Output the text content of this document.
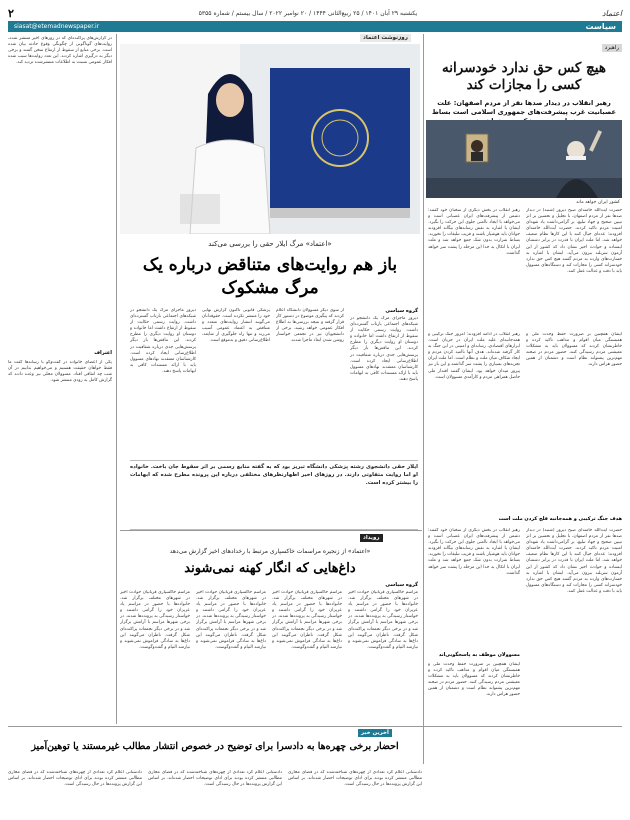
۲	یکشنبه ۲۹ آبان ۱۴۰۱ / ۲۵ ربیع‌الثانی ۱۴۴۴ / ۲۰ نوامبر ۲۰۲۲ / سال بیستم / شماره ۵۳۵۵	اعتماد
سیاست
siasat@etemadnewspaper.ir
راهبرد
هیچ کس حق ندارد خودسرانه کسی را مجازات کند
رهبر انقلاب در دیدار صدها نفر از مردم اصفهان: علت عصبانیت غرب پیشرفت‌های جمهوری اسلامی است بساط
کشور ایران خواهد ماند
حضرت آیت‌الله خامنه‌ای صبح دیروز (شنبه) در دیدار صدها نفر از مردم اصفهان، با تجلیل و تحسین بر اثر تبیین صحیح و جهاد تبلیغ، بر گرامی‌داشت یاد شهدای امنیت مردم تاکید کردند. حضرت آیت‌الله خامنه‌ای افزودند: عده‌ای خیال کنند با این کارها نظام ضعیف خواهد شد، اما ملت ایران با قدرت در برابر دشمنان ایستاده و حوادث اخیر نشان داد که کشور از این آزمون سربلند بیرون می‌آید. ایشان با اشاره به خسارت‌های وارده به مردم گفتند هیچ کس حق ندارد خودسرانه کسی را مجازات کند و دستگاه‌های مسوول باید با دقت و عدالت عمل کنند.
رهبر انقلاب در بخش دیگری از سخنان خود گفتند: دشمن از پیشرفت‌های ایران عصبانی است و می‌خواهد با ایجاد ناامنی جلوی این حرکت را بگیرد. ایشان با اشاره به نقش رسانه‌های بیگانه افزودند جوانان باید هوشیار باشند و فریب تبلیغات را نخورند. بساط شرارت بدون شک جمع خواهد شد و ملت ایران با اتکال به خدا این مرحله را پشت سر خواهد گذاشت.
ایشان همچنین بر ضرورت حفظ وحدت ملی و همبستگی میان اقوام و مذاهب تاکید کرده و خاطرنشان کردند که مسوولان باید به مشکلات معیشتی مردم رسیدگی کنند. حضور مردم در صحنه مهم‌ترین پشتوانه نظام است و دشمنان از همین حضور هراس دارند.
رهبر انقلاب در ادامه افزودند: امروز جنگ ترکیبی و همه‌جانبه‌ای علیه ملت ایران در جریان است. ابزارهای اقتصادی، رسانه‌ای و امنیتی در این جنگ به کار گرفته شده‌اند. هدف آنها ناامید کردن مردم و ایجاد شکاف میان ملت و نظام است. اما ملت ایران تجربه‌های بسیاری را پشت سر گذاشته و این بار نیز پیروز میدان خواهد بود. ایشان گفتند اقتدار ملی حاصل همراهی مردم و کارآمدی مسوولان است.
هدف جنگ ترکیبی و همه‌جانبه فلج کردن ملت است
حضرت آیت‌الله خامنه‌ای صبح دیروز (شنبه) در دیدار صدها نفر از مردم اصفهان، با تجلیل و تحسین بر اثر تبیین صحیح و جهاد تبلیغ، بر گرامی‌داشت یاد شهدای امنیت مردم تاکید کردند. حضرت آیت‌الله خامنه‌ای افزودند: عده‌ای خیال کنند با این کارها نظام ضعیف خواهد شد، اما ملت ایران با قدرت در برابر دشمنان ایستاده و حوادث اخیر نشان داد که کشور از این آزمون سربلند بیرون می‌آید. ایشان با اشاره به خسارت‌های وارده به مردم گفتند هیچ کس حق ندارد خودسرانه کسی را مجازات کند و دستگاه‌های مسوول باید با دقت و عدالت عمل کنند.
رهبر انقلاب در بخش دیگری از سخنان خود گفتند: دشمن از پیشرفت‌های ایران عصبانی است و می‌خواهد با ایجاد ناامنی جلوی این حرکت را بگیرد. ایشان با اشاره به نقش رسانه‌های بیگانه افزودند جوانان باید هوشیار باشند و فریب تبلیغات را نخورند. بساط شرارت بدون شک جمع خواهد شد و ملت ایران با اتکال به خدا این مرحله را پشت سر خواهد گذاشت.
مسوولان موظف به پاسخگویی‌اند
ایشان همچنین بر ضرورت حفظ وحدت ملی و همبستگی میان اقوام و مذاهب تاکید کرده و خاطرنشان کردند که مسوولان باید به مشکلات معیشتی مردم رسیدگی کنند. حضور مردم در صحنه مهم‌ترین پشتوانه نظام است و دشمنان از همین حضور هراس دارند.
روزنوشت اعتماد
«اعتماد» مرگ ایلار حقی را بررسی می‌کند
باز هم روایت‌های متناقض درباره یک مرگ مشکوک
گروه سیاسی
دیروز ماجرای مرگ یک دانشجو در شبکه‌های اجتماعی بازتاب گسترده‌ای داشت. روایت رسمی حکایت از سقوط از ارتفاع داشت اما خانواده و دوستان او روایت دیگری را مطرح کردند. این تناقض‌ها بار دیگر پرسش‌هایی جدی درباره شفافیت در اطلاع‌رسانی ایجاد کرده است. کارشناسان معتقدند نهادهای مسوول باید با ارائه مستندات کافی به ابهامات پاسخ دهند.
از سوی دیگر مسوولان دانشگاه اعلام کردند که پیگیری موضوع در دستور کار قرار گرفته و نتیجه بررسی‌ها به اطلاع افکار عمومی خواهد رسید. برخی از دانشجویان نیز در تجمعی خواستار روشن شدن ابعاد ماجرا شدند.
پزشکی قانونی تاکنون گزارش نهایی خود را منتشر نکرده است. حقوقدانان می‌گویند انتشار روایت‌های متعدد و متناقض به اعتماد عمومی آسیب می‌زند و تنها راه جلوگیری از شایعه، اطلاع‌رسانی دقیق و به‌موقع است.
دیروز ماجرای مرگ یک دانشجو در شبکه‌های اجتماعی بازتاب گسترده‌ای داشت. روایت رسمی حکایت از سقوط از ارتفاع داشت اما خانواده و دوستان او روایت دیگری را مطرح کردند. این تناقض‌ها بار دیگر پرسش‌هایی جدی درباره شفافیت در اطلاع‌رسانی ایجاد کرده است. کارشناسان معتقدند نهادهای مسوول باید با ارائه مستندات کافی به ابهامات پاسخ دهند.
ایلار حقی دانشجوی رشته پزشکی دانشگاه تبریز بود که به گفته منابع رسمی بر اثر سقوط جان باخت. خانواده او اما روایت متفاوتی دارند. در روزهای اخیر اظهارنظرهای مختلفی درباره این پرونده مطرح شده که ابهامات را بیشتر کرده است.
رویداد
«اعتماد» از زنجیره مراسمات خاکسپاری مرتبط با رخدادهای اخیر گزارش می‌دهد
داغ‌هایی که انگار کهنه نمی‌شوند
گروه سیاسی
مراسم خاکسپاری قربانیان حوادث اخیر در شهرهای مختلف برگزار شد. خانواده‌ها با حضور در مراسم یاد عزیزان خود را گرامی داشتند و خواستار رسیدگی به پرونده‌ها شدند. در برخی شهرها مراسم با آرامش برگزار شد و در برخی دیگر تجمعات پراکنده‌ای شکل گرفت. ناظران می‌گویند این داغ‌ها به سادگی فراموش نمی‌شوند و نیازمند التیام و گفت‌وگوست.
مراسم خاکسپاری قربانیان حوادث اخیر در شهرهای مختلف برگزار شد. خانواده‌ها با حضور در مراسم یاد عزیزان خود را گرامی داشتند و خواستار رسیدگی به پرونده‌ها شدند. در برخی شهرها مراسم با آرامش برگزار شد و در برخی دیگر تجمعات پراکنده‌ای شکل گرفت. ناظران می‌گویند این داغ‌ها به سادگی فراموش نمی‌شوند و نیازمند التیام و گفت‌وگوست.
مراسم خاکسپاری قربانیان حوادث اخیر در شهرهای مختلف برگزار شد. خانواده‌ها با حضور در مراسم یاد عزیزان خود را گرامی داشتند و خواستار رسیدگی به پرونده‌ها شدند. در برخی شهرها مراسم با آرامش برگزار شد و در برخی دیگر تجمعات پراکنده‌ای شکل گرفت. ناظران می‌گویند این داغ‌ها به سادگی فراموش نمی‌شوند و نیازمند التیام و گفت‌وگوست.
مراسم خاکسپاری قربانیان حوادث اخیر در شهرهای مختلف برگزار شد. خانواده‌ها با حضور در مراسم یاد عزیزان خود را گرامی داشتند و خواستار رسیدگی به پرونده‌ها شدند. در برخی شهرها مراسم با آرامش برگزار شد و در برخی دیگر تجمعات پراکنده‌ای شکل گرفت. ناظران می‌گویند این داغ‌ها به سادگی فراموش نمی‌شوند و نیازمند التیام و گفت‌وگوست.
در گزارش‌های پراکنده‌ای که در روزهای اخیر منتشر شده، روایت‌های گوناگونی از چگونگی وقوع حادثه بیان شده است. برخی منابع از سقوط از ارتفاع سخن گفتند و برخی دیگر به درگیری اشاره کردند. این تعدد روایت‌ها سبب شده افکار عمومی نسبت به اطلاعات منتشرشده تردید کند.
اعتراف
یکی از اعضای خانواده در گفت‌وگو با رسانه‌ها گفت ما فقط خواهان حقیقت هستیم و می‌خواهیم بدانیم در آن شب چه اتفاقی افتاد. مسوولان محلی نیز وعده دادند که گزارش کامل به زودی منتشر شود.
آخرین خبر
احضار برخی چهره‌ها به دادسرا برای توضیح در خصوص انتشار مطالب غیرمستند یا توهین‌آمیز
دادستانی اعلام کرد تعدادی از چهره‌های شناخته‌شده که در فضای مجازی مطالبی منتشر کرده بودند برای ادای توضیحات احضار شده‌اند. بر اساس این گزارش پرونده‌ها در حال رسیدگی است.
دادستانی اعلام کرد تعدادی از چهره‌های شناخته‌شده که در فضای مجازی مطالبی منتشر کرده بودند برای ادای توضیحات احضار شده‌اند. بر اساس این گزارش پرونده‌ها در حال رسیدگی است.
دادستانی اعلام کرد تعدادی از چهره‌های شناخته‌شده که در فضای مجازی مطالبی منتشر کرده بودند برای ادای توضیحات احضار شده‌اند. بر اساس این گزارش پرونده‌ها در حال رسیدگی است.
